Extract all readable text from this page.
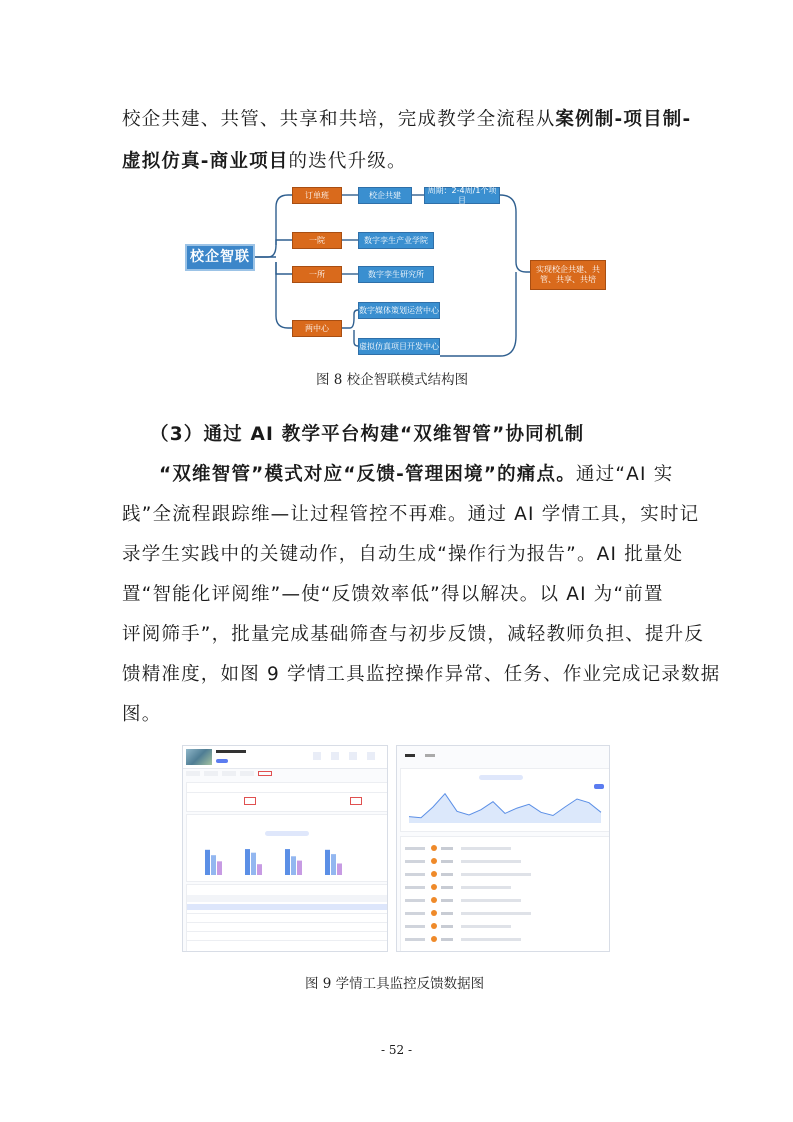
校企共建、共管、共享和共培，完成教学全流程从案例制-项目制-
虚拟仿真-商业项目的迭代升级。
校企智联
订单班
一院
一所
两中心
校企共建
周期：2-4周/1个项目
数字孪生产业学院
数字孪生研究所
数字媒体策划运营中心
虚拟仿真项目开发中心
实现校企共建、共管、共享、共培
图 8 校企智联模式结构图
（3）通过 AI 教学平台构建“双维智管”协同机制
“双维智管”模式对应“反馈-管理困境”的痛点。通过“AI 实
践”全流程跟踪维—让过程管控不再难。通过 AI 学情工具，实时记
录学生实践中的关键动作，自动生成“操作行为报告”。AI 批量处
置“智能化评阅维”—使“反馈效率低”得以解决。以 AI 为“前置
评阅筛手”，批量完成基础筛查与初步反馈，减轻教师负担、提升反
馈精准度，如图 9 学情工具监控操作异常、任务、作业完成记录数据
图。
图 9 学情工具监控反馈数据图
- 52 -
